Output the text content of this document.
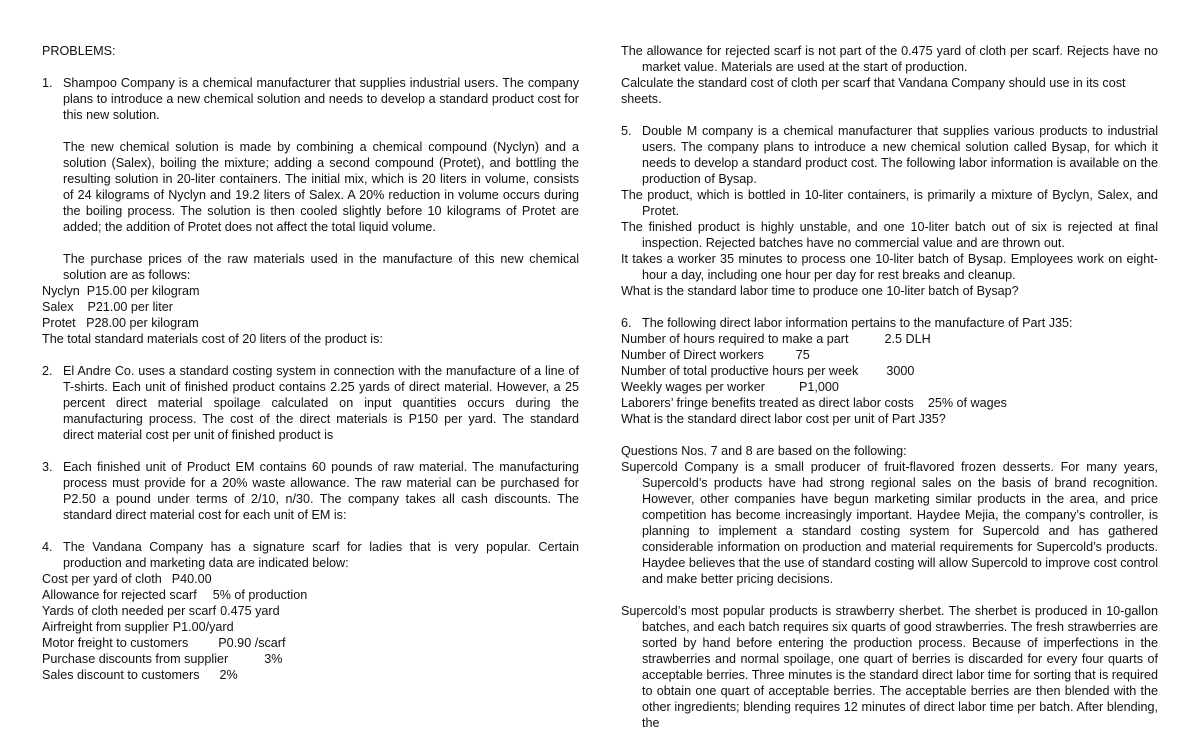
PROBLEMS:

1. Shampoo Company is a chemical manufacturer that supplies industrial users. The company plans to introduce a new chemical solution and needs to develop a standard product cost for this new solution.

The new chemical solution is made by combining a chemical compound (Nyclyn) and a solution (Salex), boiling the mixture; adding a second compound (Protet), and bottling the resulting solution in 20-liter containers. The initial mix, which is 20 liters in volume, consists of 24 kilograms of Nyclyn and 19.2 liters of Salex. A 20% reduction in volume occurs during the boiling process. The solution is then cooled slightly before 10 kilograms of Protet are added; the addition of Protet does not affect the total liquid volume.

The purchase prices of the raw materials used in the manufacture of this new chemical solution are as follows:

Nyclyn  P15.00 per kilogram

Salex    P21.00 per liter

Protet   P28.00 per kilogram

The total standard materials cost of 20 liters of the product is:

2. El Andre Co. uses a standard costing system in connection with the manufacture of a line of T-shirts. Each unit of finished product contains 2.25 yards of direct material. However, a 25 percent direct material spoilage calculated on input quantities occurs during the manufacturing process. The cost of the direct materials is P150 per yard. The standard direct material cost per unit of finished product is

3. Each finished unit of Product EM contains 60 pounds of raw material. The manufacturing process must provide for a 20% waste allowance. The raw material can be purchased for P2.50 a pound under terms of 2/10, n/30. The company takes all cash discounts. The standard direct material cost for each unit of EM is:

4. The Vandana Company has a signature scarf for ladies that is very popular. Certain production and marketing data are indicated below:

Cost per yard of cloth P40.00

Allowance for rejected scarf 5% of production

Yards of cloth needed per scarf 0.475 yard

Airfreight from supplier P1.00/yard

Motor freight to customers P0.90 /scarf

Purchase discounts from supplier	3%

Sales discount to customers 2%

The allowance for rejected scarf is not part of the 0.475 yard of cloth per scarf. Rejects have no market value. Materials are used at the start of production.

Calculate the standard cost of cloth per scarf that Vandana Company should use in its cost sheets.

5. Double M company is a chemical manufacturer that supplies various products to industrial users. The company plans to introduce a new chemical solution called Bysap, for which it needs to develop a standard product cost. The following labor information is available on the production of Bysap.

The product, which is bottled in 10-liter containers, is primarily a mixture of Byclyn, Salex, and Protet.

The finished product is highly unstable, and one 10-liter batch out of six is rejected at final inspection. Rejected batches have no commercial value and are thrown out.

It takes a worker 35 minutes to process one 10-liter batch of Bysap. Employees work on eight-hour a day, including one hour per day for rest breaks and cleanup.

What is the standard labor time to produce one 10-liter batch of Bysap?

6. The following direct labor information pertains to the manufacture of Part J35:

Number of hours required to make a part	2.5 DLH

Number of Direct workers	75

Number of total productive hours per week 3000

Weekly wages per worker	P1,000

Laborers’ fringe benefits treated as direct labor costs 25% of wages

What is the standard direct labor cost per unit of Part J35?

Questions Nos. 7 and 8 are based on the following:

Supercold Company is a small producer of fruit-flavored frozen desserts. For many years, Supercold’s products have had strong regional sales on the basis of brand recognition. However, other companies have begun marketing similar products in the area, and price competition has become increasingly important. Haydee Mejia, the company’s controller, is planning to implement a standard costing system for Supercold and has gathered considerable information on production and material requirements for Supercold’s products. Haydee believes that the use of standard costing will allow Supercold to improve cost control and make better pricing decisions.

Supercold’s most popular products is strawberry sherbet. The sherbet is produced in 10-gallon batches, and each batch requires six quarts of good strawberries. The fresh strawberries are sorted by hand before entering the production process. Because of imperfections in the strawberries and normal spoilage, one quart of berries is discarded for every four quarts of acceptable berries. Three minutes is the standard direct labor time for sorting that is required to obtain one quart of acceptable berries. The acceptable berries are then blended with the other ingredients; blending requires 12 minutes of direct labor time per batch. After blending, the
